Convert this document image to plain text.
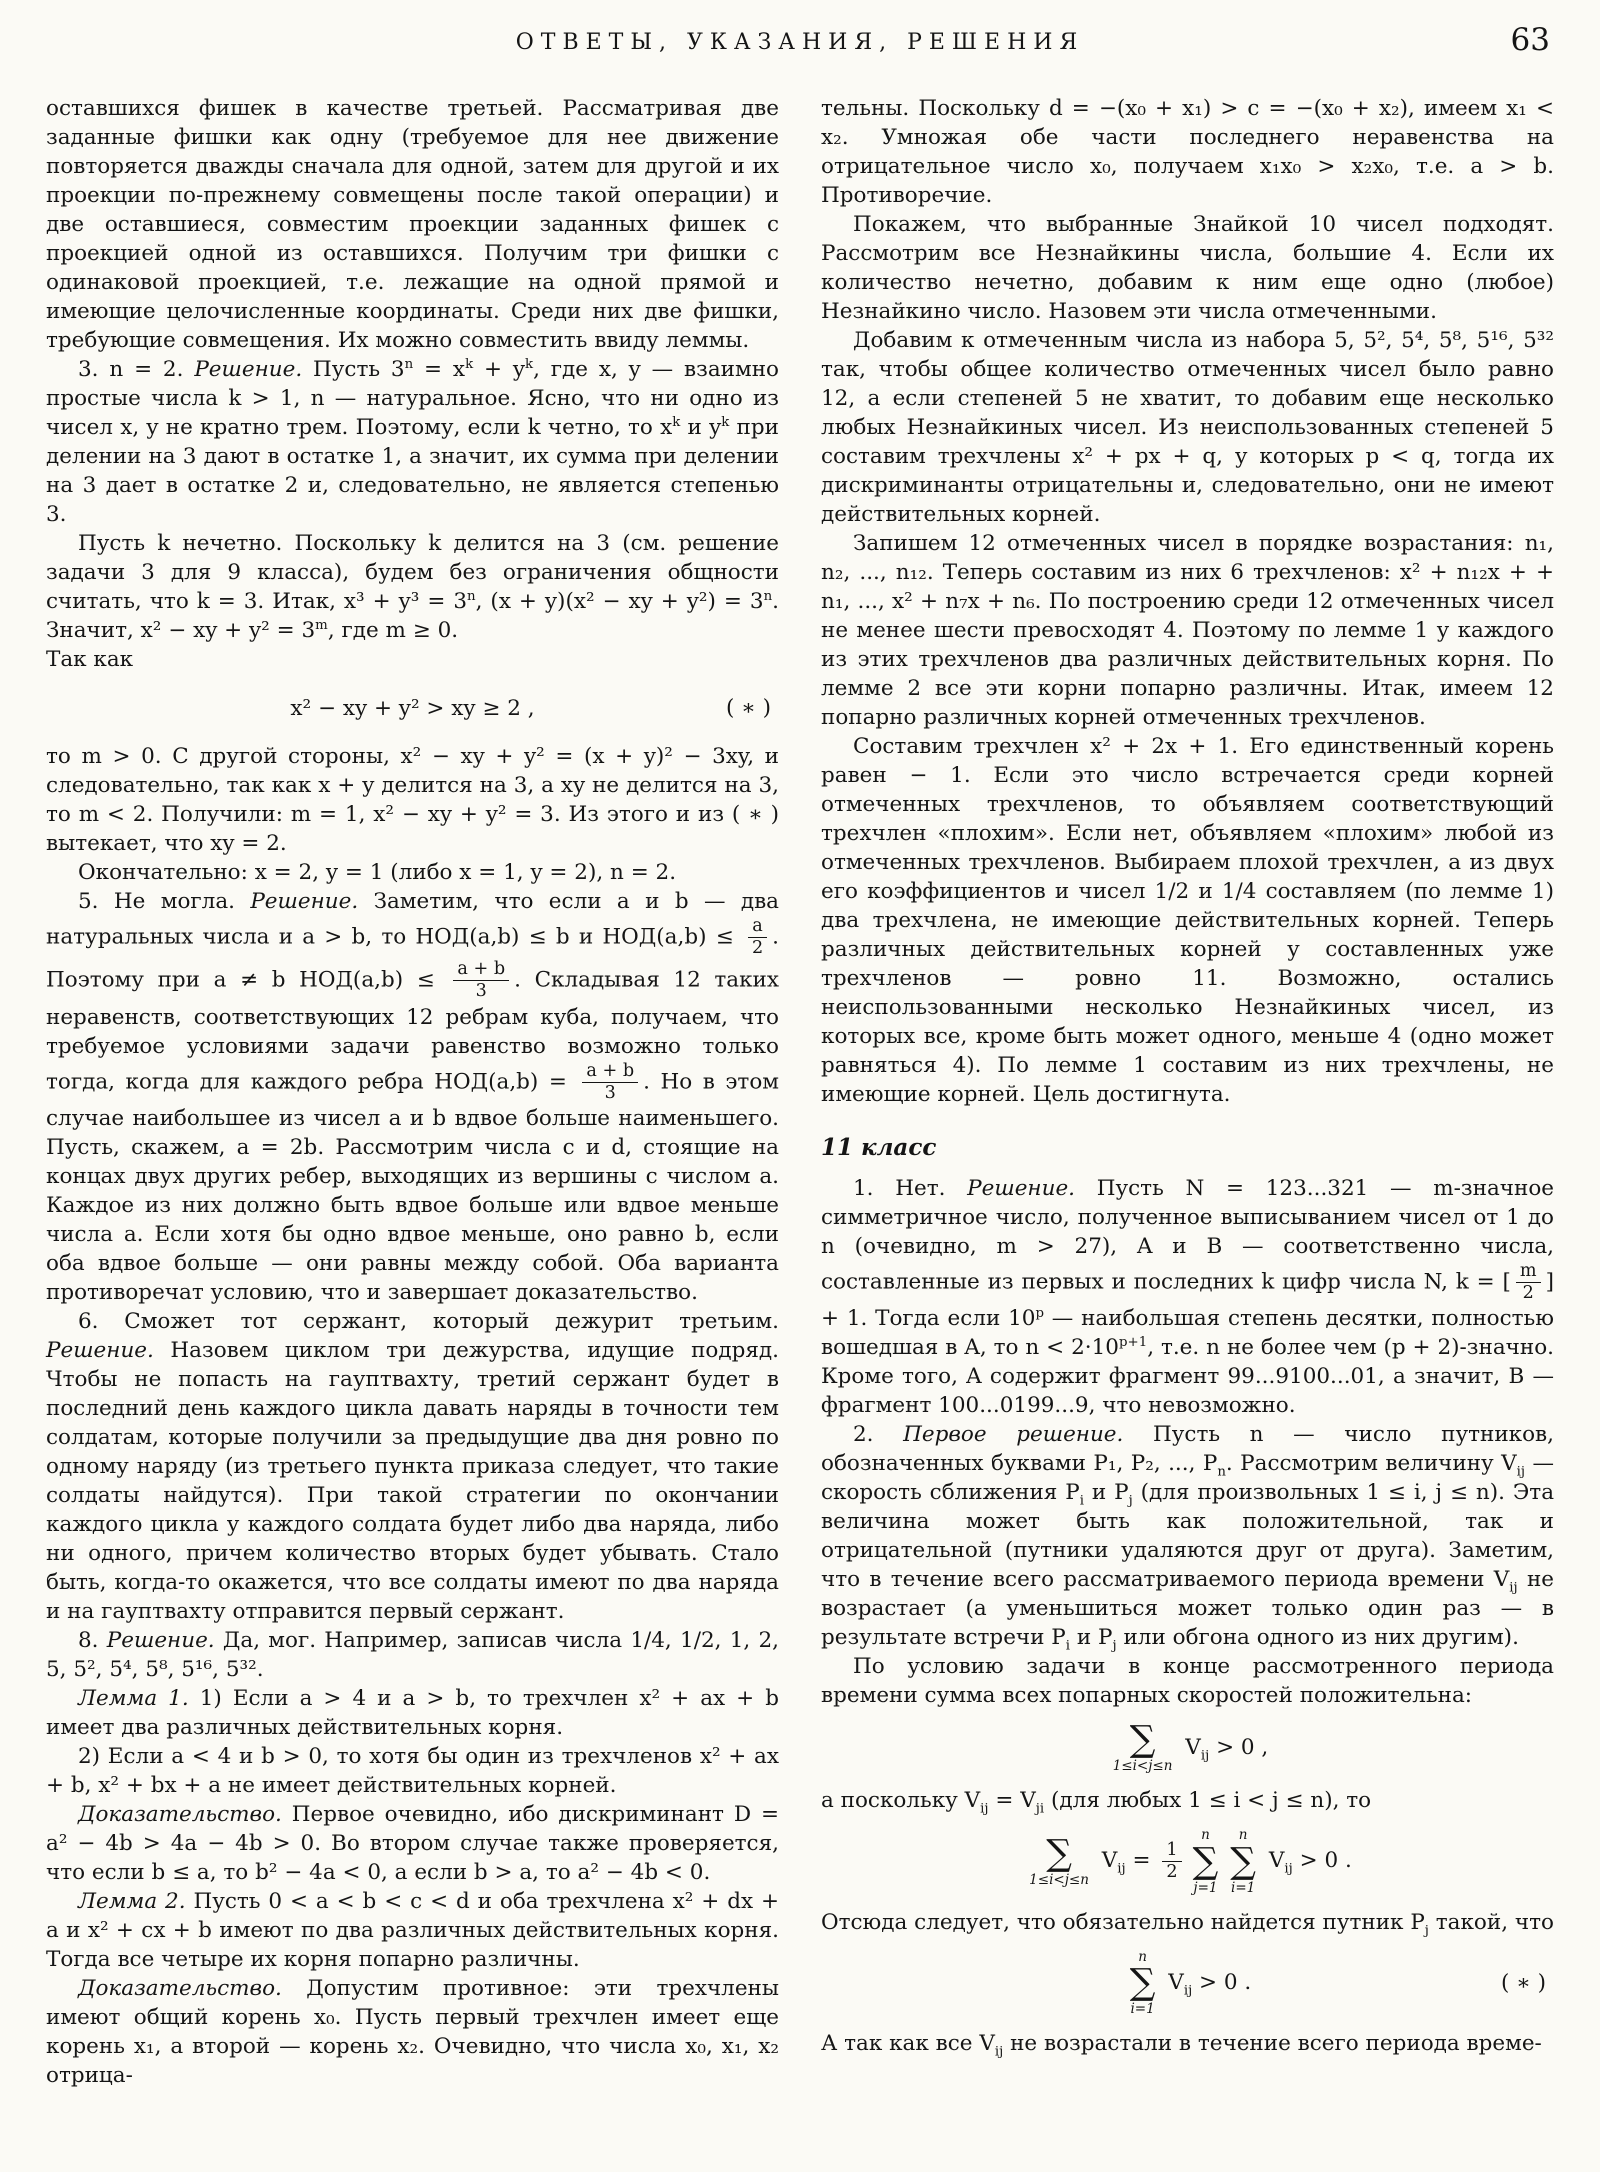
ОТВЕТЫ, УКАЗАНИЯ, РЕШЕНИЯ	63

оставшихся фишек в качестве третьей. Рассматривая две заданные фишки как одну (требуемое для нее движение повторяется дважды сначала для одной, затем для другой и их проекции по-прежнему совмещены после такой операции) и две оставшиеся, совместим проекции заданных фишек с проекцией одной из оставшихся. Получим три фишки с одинаковой проекцией, т.е. лежащие на одной прямой и имеющие целочисленные координаты. Среди них две фишки, требующие совмещения. Их можно совместить ввиду леммы.

3. n = 2. Решение. Пусть $3^n = x^k + y^k$, где x, y — взаимно простые числа k > 1, n — натуральное. Ясно, что ни одно из чисел x, y не кратно трем. Поэтому, если k четно, то $x^k$ и $y^k$ при делении на 3 дают в остатке 1, а значит, их сумма при делении на 3 дает в остатке 2 и, следовательно, не является степенью 3.

Пусть k нечетно. Поскольку k делится на 3 (см. решение задачи 3 для 9 класса), будем без ограничения общности считать, что k = 3. Итак, $x^3 + y^3 = 3^n$, (x + y)(x² − xy + $y^2) = 3^n$. Значит, x² − xy + $y^2 = 3^m$, где m ≥ 0.

Так как

x² − xy + y² > xy ≥ 2 ,	( ∗ )

то m > 0. С другой стороны, x² − xy + y² = (x + y)² − 3xy, и следовательно, так как x + y делится на 3, а xy не делится на 3, то m < 2. Получили: m = 1, x² − xy + y² = 3. Из этого и из ( ∗ ) вытекает, что xy = 2.

Окончательно: x = 2, y = 1 (либо x = 1, y = 2), n = 2.

5. Не могла. Решение. Заметим, что если a и b — два натуральных числа и a > b, то НОД(a,b) ≤ b и $НОД(a,b) \le \frac{a}{2}$ . Поэтому при a ≠ b $НОД(a,b) \le \frac{a + b}{3}$ . Складывая 12 таких неравенств, соответствующих 12 ребрам куба, получаем, что требуемое условиями задачи равенство возможно только тогда, когда для каждого ребра $НОД(a,b) = \frac{a + b}{3}$ . Но в этом случае наибольшее из чисел a и b вдвое больше наименьшего. Пусть, скажем, a = 2b. Рассмотрим числа c и d, стоящие на концах двух других ребер, выходящих из вершины с числом a. Каждое из них должно быть вдвое больше или вдвое меньше числа a. Если хотя бы одно вдвое меньше, оно равно b, если оба вдвое больше — они равны между собой. Оба варианта противоречат условию, что и завершает доказательство.

6. Сможет тот сержант, который дежурит третьим. Решение. Назовем циклом три дежурства, идущие подряд. Чтобы не попасть на гауптвахту, третий сержант будет в последний день каждого цикла давать наряды в точности тем солдатам, которые получили за предыдущие два дня ровно по одному наряду (из третьего пункта приказа следует, что такие солдаты найдутся). При такой стратегии по окончании каждого цикла у каждого солдата будет либо два наряда, либо ни одного, причем количество вторых будет убывать. Стало быть, когда-то окажется, что все солдаты имеют по два наряда и на гауптвахту отправится первый сержант.

8. Решение. Да, мог. Например, записав числа 1/4, 1/2, 1, 2, 5, 5², 5⁴, 5⁸, 5¹⁶, 5³².

Лемма 1. 1) Если a > 4 и a > b, то трехчлен x² + ax + b имеет два различных действительных корня.

2) Если a < 4 и b > 0, то хотя бы один из трехчленов x² + ax + b, x² + bx + a не имеет действительных корней.

Доказательство. Первое очевидно, ибо дискриминант D = a² − 4b > 4a − 4b > 0. Во втором случае также проверяется, что если b ≤ a, то b² − 4a < 0, а если b > a, то a² − 4b < 0.

Лемма 2. Пусть 0 < a < b < c < d и оба трехчлена x² + dx + a и x² + cx + b имеют по два различных действительных корня. Тогда все четыре их корня попарно различны.

Доказательство. Допустим противное: эти трехчлены имеют общий корень x₀. Пусть первый трехчлен имеет еще корень x₁, а второй — корень x₂. Очевидно, что числа x₀, x₁, x₂ отрица-

тельны. Поскольку d = −(x₀ + x₁) > c = −(x₀ + x₂), имеем x₁ < x₂. Умножая обе части последнего неравенства на отрицательное число x₀, получаем x₁x₀ > x₂x₀, т.е. a > b. Противоречие.

Покажем, что выбранные Знайкой 10 чисел подходят. Рассмотрим все Незнайкины числа, большие 4. Если их количество нечетно, добавим к ним еще одно (любое) Незнайкино число. Назовем эти числа отмеченными.

Добавим к отмеченным числа из набора 5, 5², 5⁴, 5⁸, 5¹⁶, 5³² так, чтобы общее количество отмеченных чисел было равно 12, а если степеней 5 не хватит, то добавим еще несколько любых Незнайкиных чисел. Из неиспользованных степеней 5 составим трехчлены x² + px + q, у которых p < q, тогда их дискриминанты отрицательны и, следовательно, они не имеют действительных корней.

Запишем 12 отмеченных чисел в порядке возрастания: n₁, n₂, ..., n₁₂. Теперь составим из них 6 трехчленов: x² + n₁₂x + + n₁, ..., x² + n₇x + n₆. По построению среди 12 отмеченных чисел не менее шести превосходят 4. Поэтому по лемме 1 у каждого из этих трехчленов два различных действительных корня. По лемме 2 все эти корни попарно различны. Итак, имеем 12 попарно различных корней отмеченных трехчленов.

Составим трехчлен x² + 2x + 1. Его единственный корень равен − 1. Если это число встречается среди корней отмеченных трехчленов, то объявляем соответствующий трехчлен «плохим». Если нет, объявляем «плохим» любой из отмеченных трехчленов. Выбираем плохой трехчлен, а из двух его коэффициентов и чисел 1/2 и 1/4 составляем (по лемме 1) два трехчлена, не имеющие действительных корней. Теперь различных действительных корней у составленных уже трехчленов — ровно 11. Возможно, остались неиспользованными несколько Незнайкиных чисел, из которых все, кроме быть может одного, меньше 4 (одно может равняться 4). По лемме 1 составим из них трехчлены, не имеющие корней. Цель достигнута.

11 класс

1. Нет. Решение. Пусть N = 123...321 — m-значное симметричное число, полученное выписыванием чисел от 1 до n (очевидно, m > 27), A и B — соответственно числа, составленные из первых и последних k цифр числа N, k = [ $\frac{m}{2}$ ] + 1. Тогда если 10$^p$ — наибольшая степень десятки, полностью вошедшая в A, то $n < 2\cdot 10^{p+1}$, т.е. n не более чем (p + 2)-значно. Кроме того, A содержит фрагмент 99...9100...01, а значит, B — фрагмент 100...0199...9, что невозможно.

2. Первое решение. Пусть n — число путников, обозначенных буквами P₁, P₂, ..., $P_n$. Рассмотрим величину $V_{ij}$ — скорость сближения $P_i$ и $P_j$ (для произвольных 1 ≤ i, j ≤ n). Эта величина может быть как положительной, так и отрицательной (путники удаляются друг от друга). Заметим, что в течение всего рассматриваемого периода времени $V_{ij}$ не возрастает (а уменьшиться может только один раз — в результате встречи $P_i$ и $P_j$ или обгона одного из них другим).

По условию задачи в конце рассмотренного периода времени сумма всех попарных скоростей положительна:

∑
1≤i<j≤n
$V_{ij} > 0$ ,

а поскольку $V_{ij} = V_{ji}$ (для любых 1 ≤ i < j ≤ n), то

∑
1≤i<j≤n
$V_{ij} = \frac{1}{2}$
n
∑
j=1
n
∑
i=1
$V_{ij} > 0$ .

Отсюда следует, что обязательно найдется путник $P_j$ такой, что

n
∑
i=1
$V_{ij} > 0$ .	( ∗ )

А так как все $V_{ij}$ не возрастали в течение всего периода време-
